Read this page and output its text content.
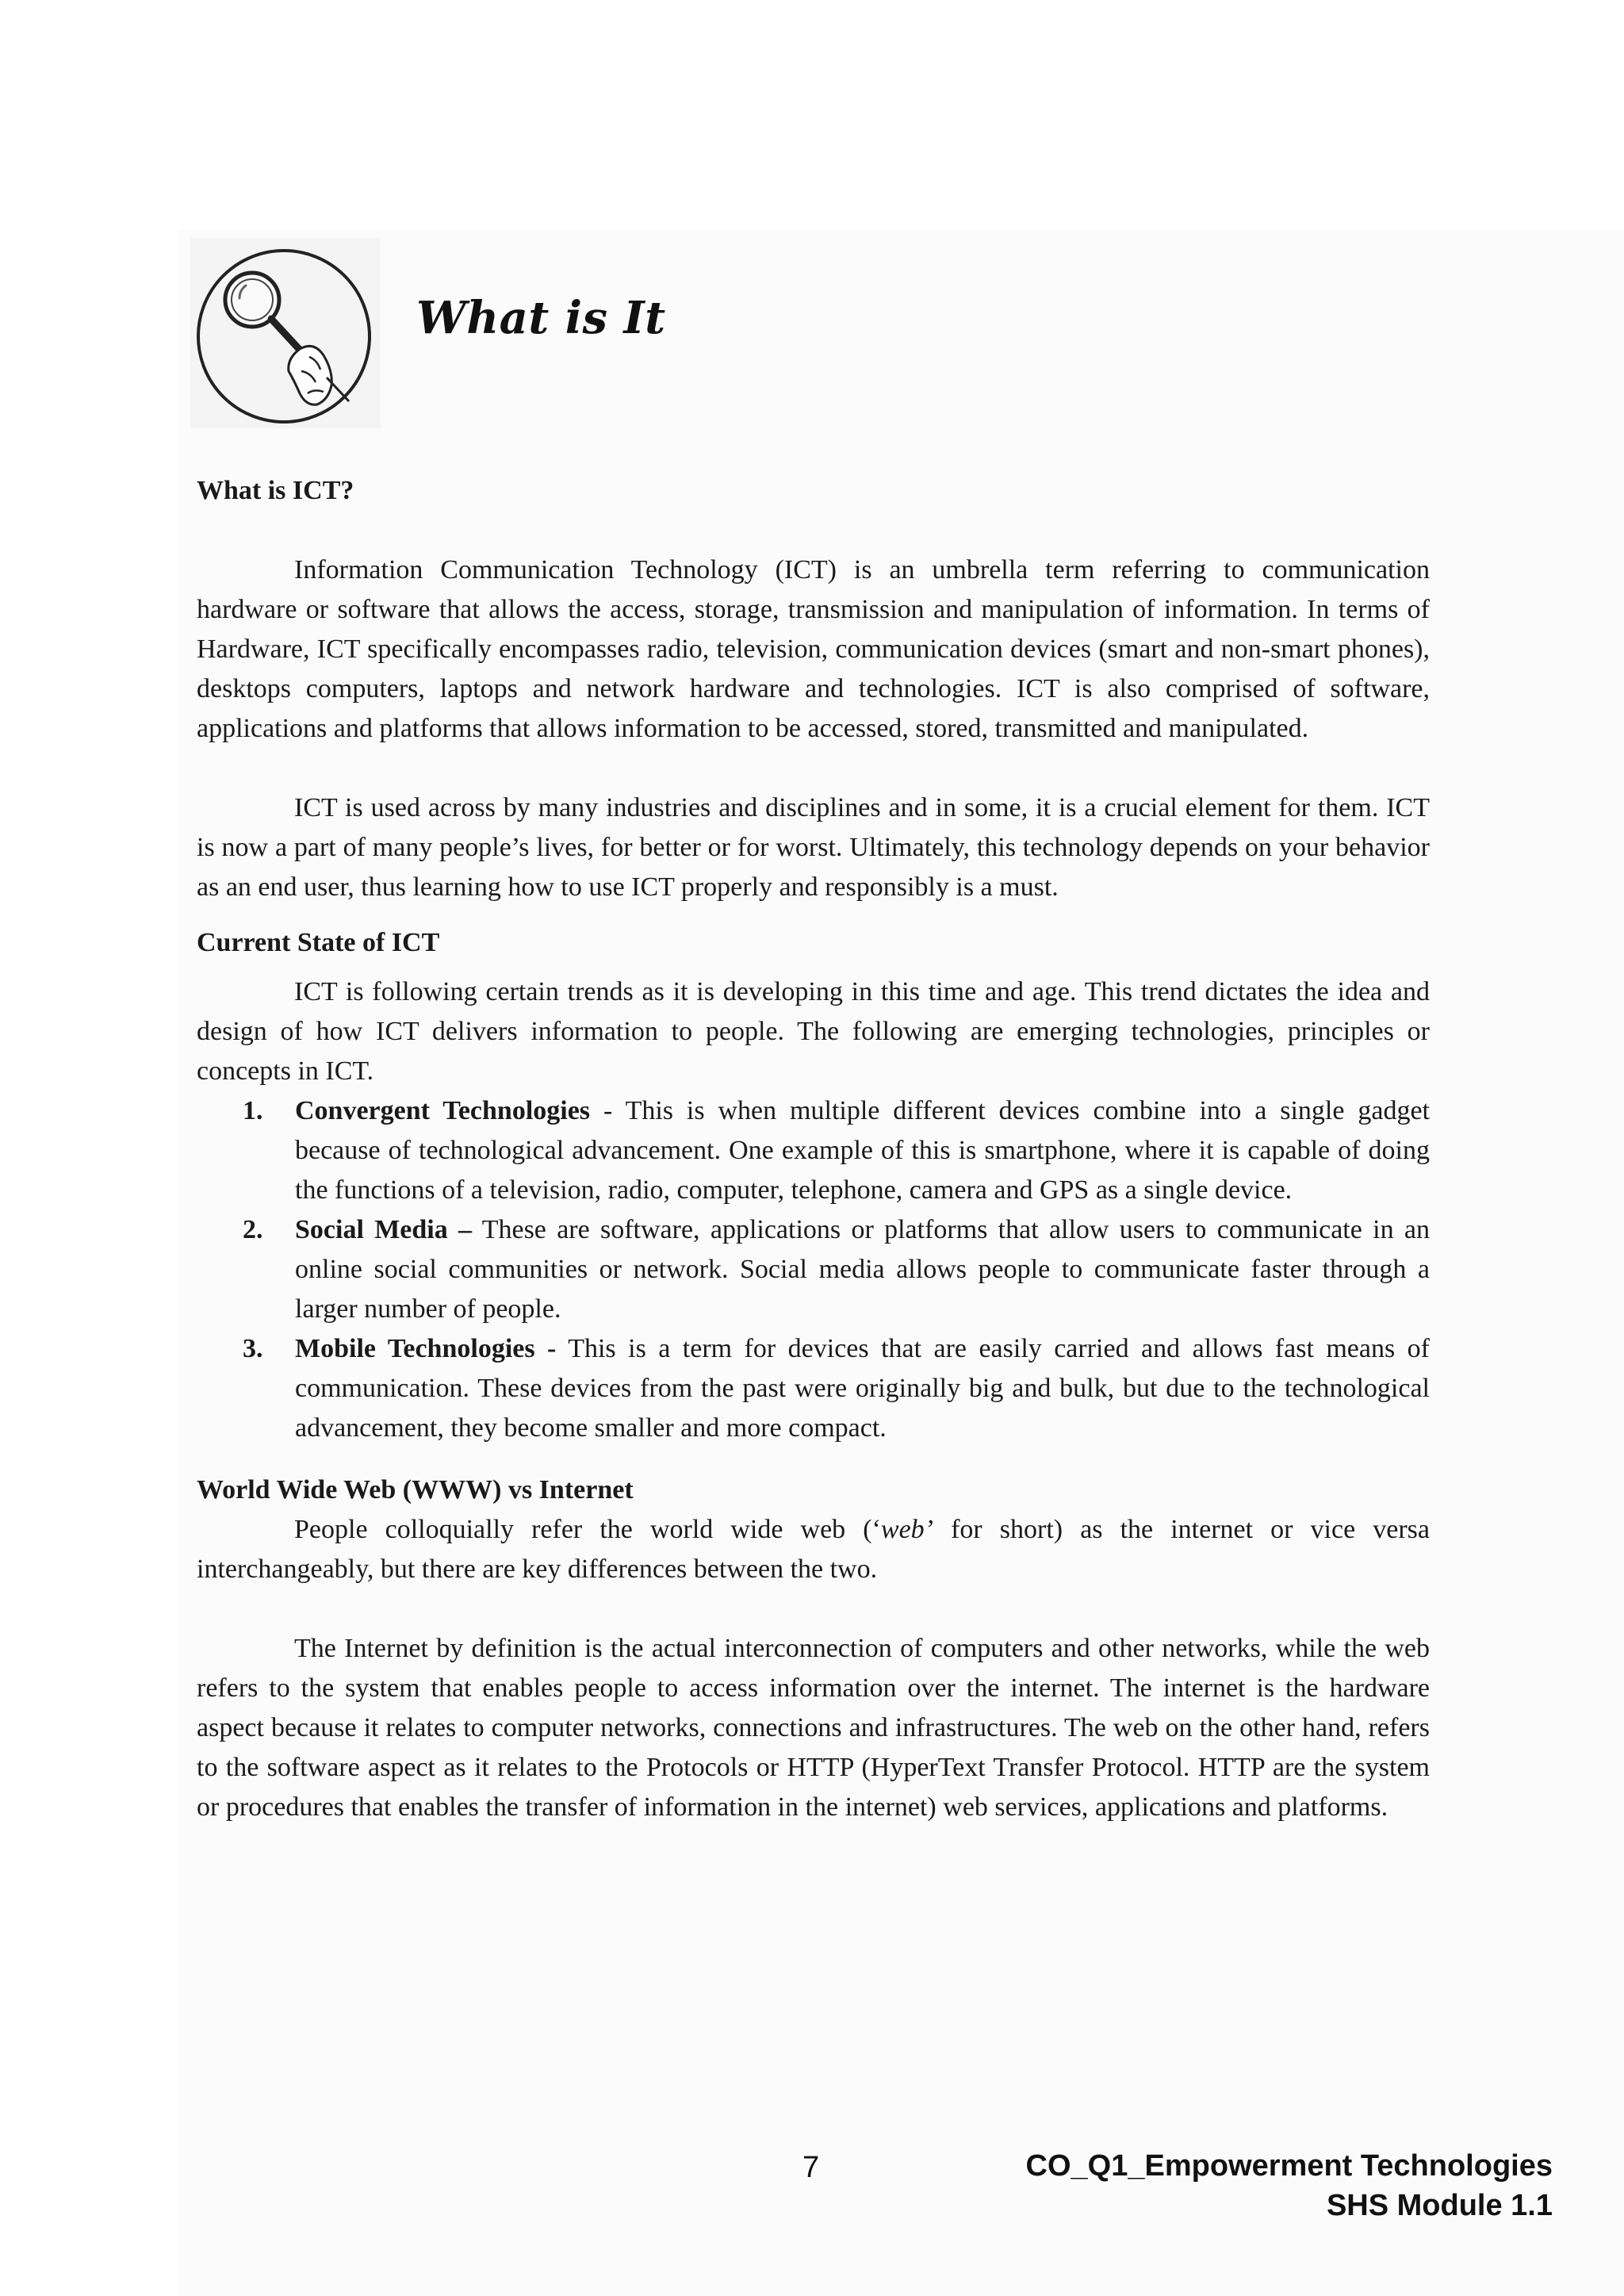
What is It
What is ICT?

Information Communication Technology (ICT) is an umbrella term referring to communication hardware or software that allows the access, storage, transmission and manipulation of information. In terms of Hardware, ICT specifically encompasses radio, television, communication devices (smart and non-smart phones), desktops computers, laptops and network hardware and technologies. ICT is also comprised of software, applications and platforms that allows information to be accessed, stored, transmitted and manipulated.

ICT is used across by many industries and disciplines and in some, it is a crucial element for them. ICT is now a part of many people’s lives, for better or for worst. Ultimately, this technology depends on your behavior as an end user, thus learning how to use ICT properly and responsibly is a must.

Current State of ICT

ICT is following certain trends as it is developing in this time and age. This trend dictates the idea and design of how ICT delivers information to people. The following are emerging technologies, principles or concepts in ICT.

1. Convergent Technologies - This is when multiple different devices combine into a single gadget because of technological advancement. One example of this is smartphone, where it is capable of doing the functions of a television, radio, computer, telephone, camera and GPS as a single device.
2. Social Media – These are software, applications or platforms that allow users to communicate in an online social communities or network. Social media allows people to communicate faster through a larger number of people.
3. Mobile Technologies - This is a term for devices that are easily carried and allows fast means of communication. These devices from the past were originally big and bulk, but due to the technological advancement, they become smaller and more compact.
World Wide Web (WWW) vs Internet

People colloquially refer the world wide web (‘web’ for short) as the internet or vice versa interchangeably, but there are key differences between the two.

The Internet by definition is the actual interconnection of computers and other networks, while the web refers to the system that enables people to access information over the internet. The internet is the hardware aspect because it relates to computer networks, connections and infrastructures. The web on the other hand, refers to the software aspect as it relates to the Protocols or HTTP (HyperText Transfer Protocol. HTTP are the system or procedures that enables the transfer of information in the internet) web services, applications and platforms.

7	CO_Q1_Empowerment Technologies
SHS Module 1.1
